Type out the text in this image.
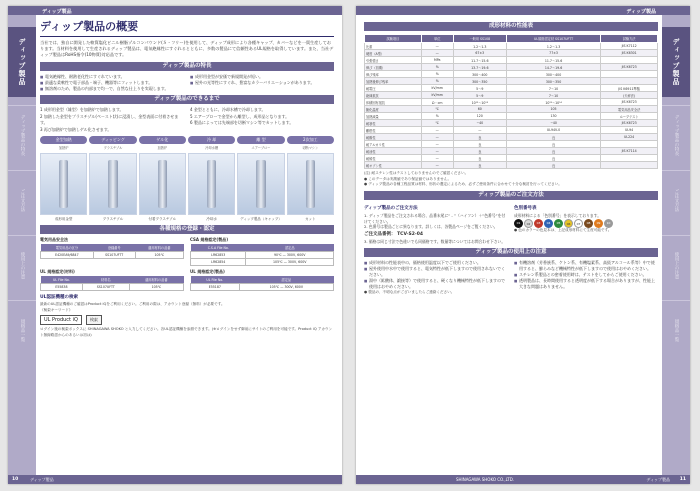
ディップ製品
ディップ製品
ディップ製品の特長
ご注文方法
使用上の注意
規格品一覧
ディップ製品の概要
当社では、独自に開発した軟質塩化ビニル樹脂ゾルコンパウンド(Ｓ・フリー)を使用して、ディップ成形により各種キャップ、カバーなどを一貫生産しております。当材料を使用して生産されるディップ製品は、電気絶縁性にすぐれるとともに、多数の製品にて信頼性あるUL規格を取得しています。また、当社ディップ製品はRoHS指令(10物質)対応品です。
ディップ製品の特長
■ 電気絶縁性、耐熱老化性にすぐれています。
■ 最適な柔軟性で電子部品・端子、機器等にフィットします。
■ 無溶剤のため、製品の内部まで均一で、自然な仕上りを実現します。
■ 成形用金型が安価で新規開発が短い。
■ 屋外の光等性にすぐれ、豊富なカラーバリエーションがあります。
ディップ製品のできるまで
1 成形用金型（雄型）を加熱炉で加熱します。
2 加熱した金型をプラスチゾル(ペースト状)に浸漬し、金型表面に付着させます。
3 再び加熱炉で加熱しゲル化させます。
4 金型とともに、冷却水槽で冷却します。
5 エアーブローで金型から離型し、成形品となります。
6 製品によっては先端部を切断マシン等でカットします。
金型加熱
加熱炉
成形用金型
ディッピング
プラスチゾル
プラスチゾル
ゲル化
加熱炉
付着プラスチゾル
冷 却
冷却水槽
冷却水
離 型
エアーブロー
ディップ製品（キャップ）
2次加工
切断マシン
カット
各種規格の登録・認定
電気用品安全法
電気用品の区分	登録番号	適用材料の品番
E420EA9/6847	SS107UFTT	105℃
CSA 規格認定(製品)
C.S.A File No.	認定品
LR62853	90℃ — 300V, 600V
LR62854	105℃ — 300V, 600V
UL 規格認定(材料)
UL File No.	材料名	適用材料の品番
E55838	SS107UFTT	105℃
UL 規格認定(製品)
UL File No.	認定品
E55187	105℃ — 300V, 600V
UL認証機種の検索
最新のUL認証機種のご確認はProduct iQをご利用ください。ご利用の際は、アカウント登録（無料）が必要です。
《検索キーワード》
UL Product iQ	検索
ログイン後の検索ボックスに SHINAGAWA SHOKO と入力してください。各UL認証機種を参照できます。(※ログインをせず御前にサイトのご利用を可能です。Product iQ アカウント無線路認からのあるいは初は)
10	ディップ製品
ディップ製品
ディップ製品
ディップ製品の特長
ご注文方法
使用上の注意
規格品一覧
成形材料の性能表
試験項目	単位	一般用 SS108	UL規格認定材 SS107UFTT	試験方法
比重	—	1.2〜1.3	1.2〜1.3	JIS K7112
硬度（A型）	—	67±3	77±3	JIS K6301
引張強さ	MPa	11.7〜15.6	11.7〜15.6	
伸び（初期）	%	13.7〜19.6	14.7〜19.6	JIS K6723
伸び残率	%	300〜400	300〜400	
加熱後伸び残率	%	300〜350	300〜350	
耐電圧	kV/mm	5〜9	7〜10	JIS K6911準拠
絶縁抵抗	kV/mm	5〜9	7〜10	(天秤法)
体積固有抵抗	Ω・cm	10¹²〜10¹³	10¹³〜10¹⁴	JIS K6723
脆化温度	℃	60	105	電気用品安全法
加熱減量	%	120	130	ループテスト
耐寒性	℃	−40	−40	JIS K6723
難燃性	—	—	UL94V-0	UL94
耐酸性	—	良	良	UL224
耐アルカリ性	—	良	良	
耐油性	—	良	良	JIS K7114
耐候性	—	良	良	
耐オゾン性	—	良	良	
(注) 耐スチレン性はテストしておりませんのでご確認ください。
● このデータは実測値であり保証値ではありません。
● ディップ製品の各種工程品質は材料、形状の選定によるため、必ずご使用条件に合わせて十分な検討を行ってください。
ディップ製品のご注文方法
ディップ製品のご注文方法
1. ディップ製品をご注文される場合、品番末尾に“ - ”（ハイフン）＋“色番号”を付けてください。
2. 色番号は製品ごとに異なります。詳しくは、各製品ページをご覧ください。
ご注文品番例： TCV-S2-04
3. 価格は同じ寸法で色違いでも同価格です。数量等についてはお問合わせ下さい。
色別番号表
成形材料による「色別番号」を表示しております。
01	02	03	04	05	06	07	08	09	10
● 色のカラーの色見本は、上記成形材料にて生産可能です。
ディップ製品の使用上の注意
■ 成形材料の性能表中の、価格使用温度以下でご使用ください。
■ 屋外使用中水中で使用すると、電気特性が低下しますので使用されないでください。
■ 湯中（鉱酸体、鍛接等）で使用すると、硬くなり機械特性が低下しますので使用はおやめください。
■ 有機溶剤（芳香族系、ケトン系、有機塩素系、高級アルコール系等）中で使用すると、膨らみなど機械特性が低下しますので使用はおやめください。
■ スチレン系製品との密着使用時は、テストをしてからご使用ください。
■ 透明製品は、長時間使用すると透明度が低下する場合がありますが、性能上大きな問題はありません。
● 製品の、不明な点がございましたらご連絡ください。
SHINAGAWA SHOKO CO.,LTD.	ディップ製品 11
